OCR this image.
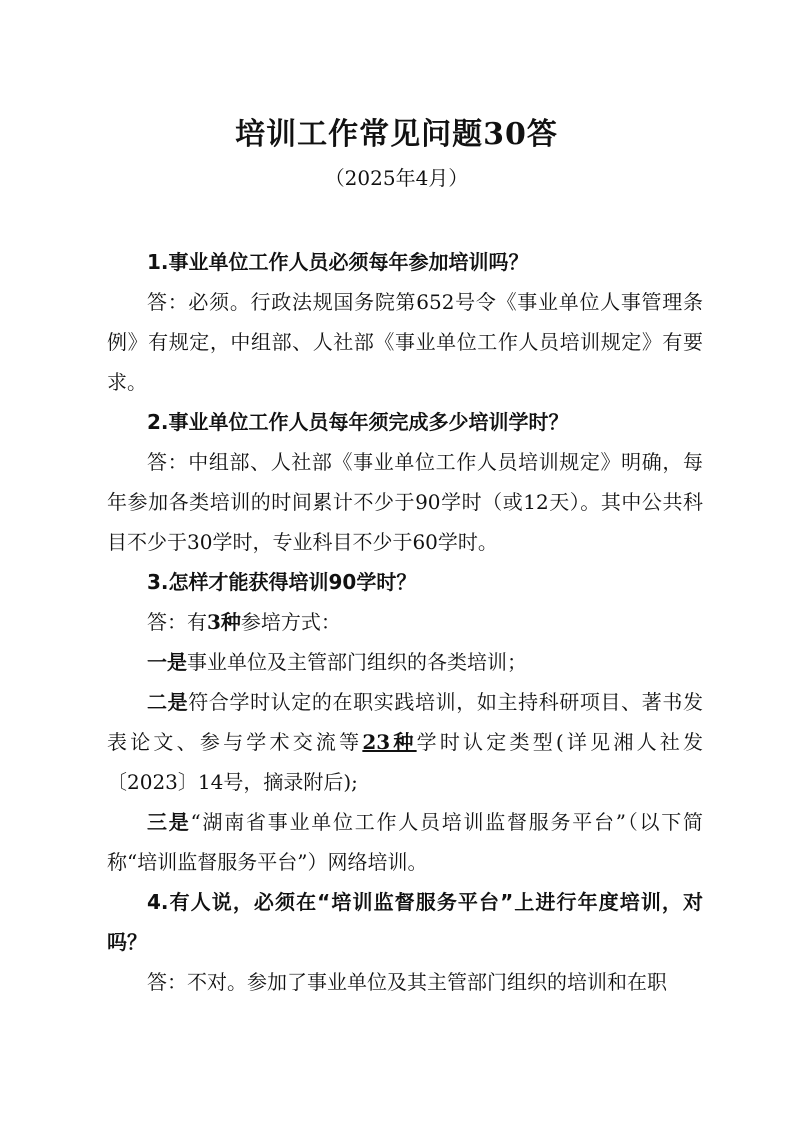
培训工作常见问题30答
（2025年4月）

1.事业单位工作人员必须每年参加培训吗？

答：必须。行政法规国务院第652号令《事业单位人事管理条例》有规定，中组部、人社部《事业单位工作人员培训规定》有要求。

2.事业单位工作人员每年须完成多少培训学时？

答：中组部、人社部《事业单位工作人员培训规定》明确，每年参加各类培训的时间累计不少于90学时（或12天）。其中公共科目不少于30学时，专业科目不少于60学时。

3.怎样才能获得培训90学时？

答：有3种参培方式：

一是事业单位及主管部门组织的各类培训；

二是符合学时认定的在职实践培训，如主持科研项目、著书发表论文、参与学术交流等23种学时认定类型(详见湘人社发〔2023〕14号，摘录附后);

三是“湖南省事业单位工作人员培训监督服务平台”（以下简称“培训监督服务平台”）网络培训。

4.有人说，必须在“培训监督服务平台”上进行年度培训，对吗？

答：不对。参加了事业单位及其主管部门组织的培训和在职
